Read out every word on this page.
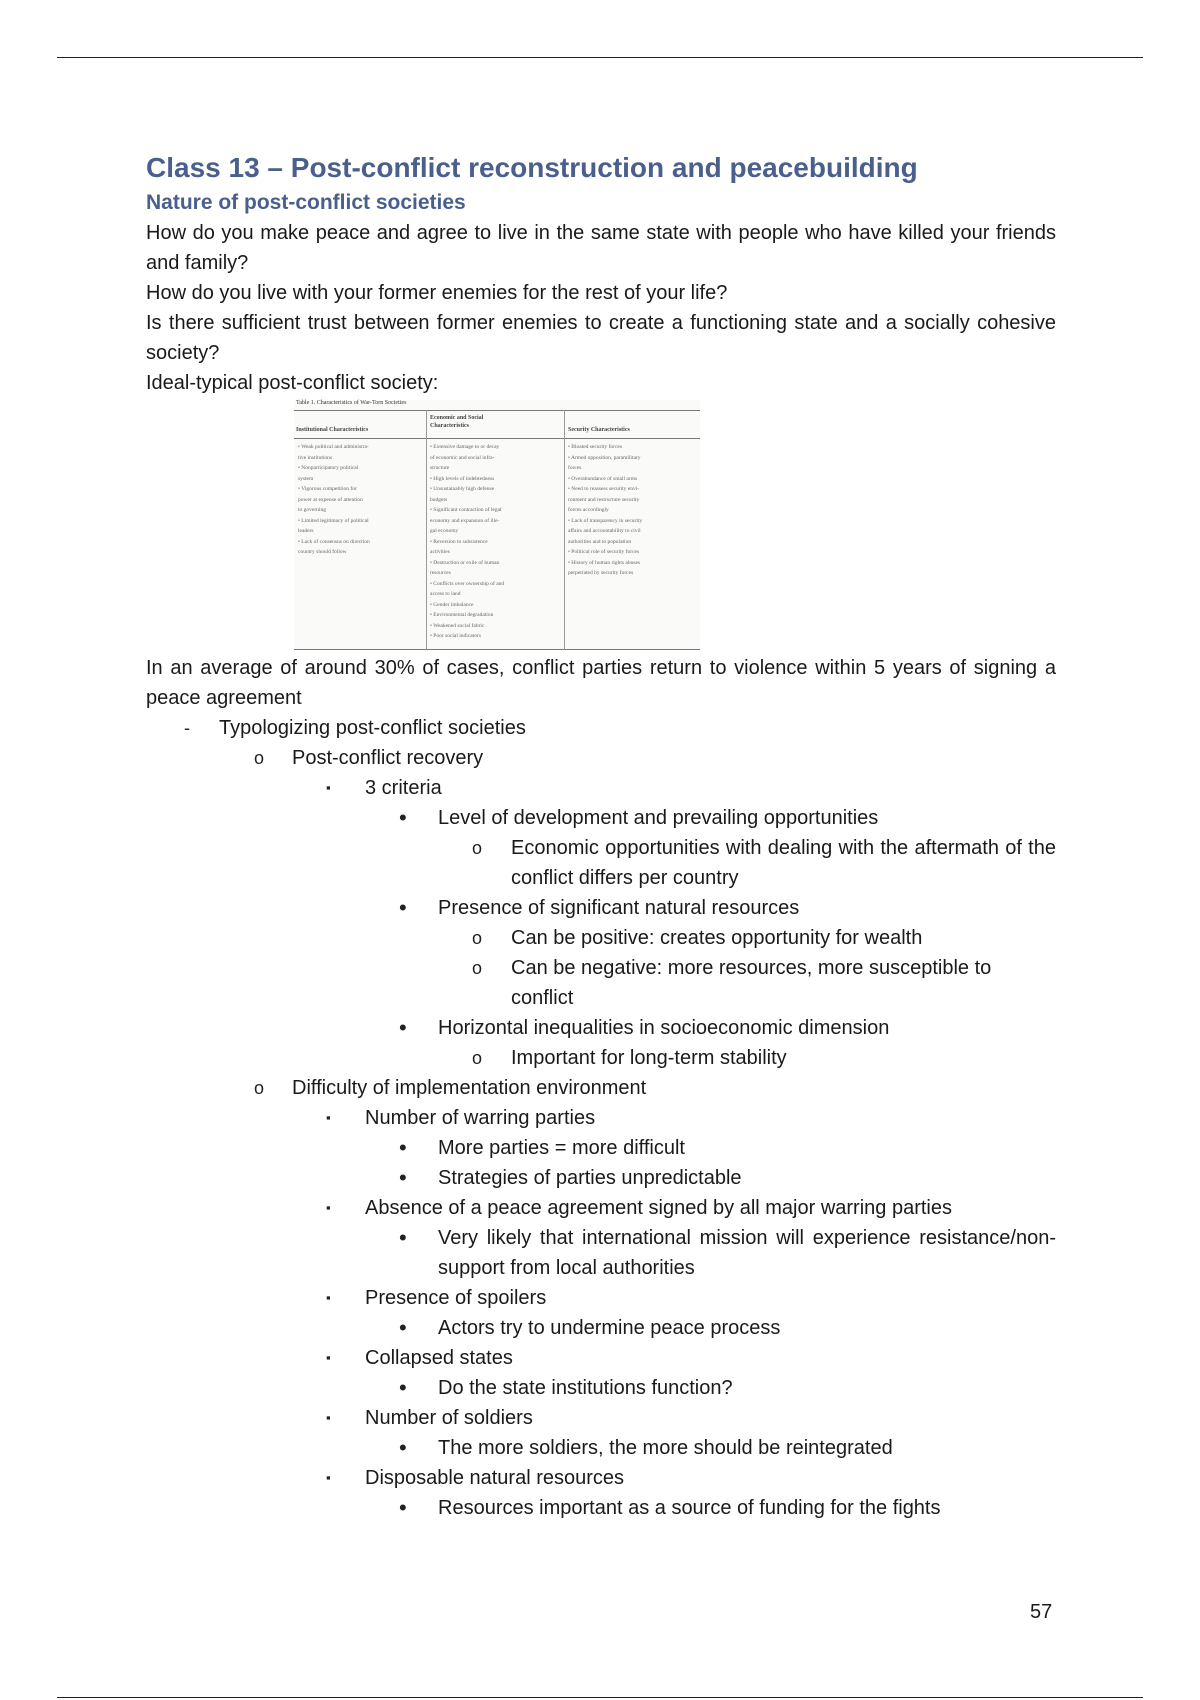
Class 13 – Post-conflict reconstruction and peacebuilding
Nature of post-conflict societies

How do you make peace and agree to live in the same state with people who have killed your friends and family?

How do you live with your former enemies for the rest of your life?

Is there sufficient trust between former enemies to create a functioning state and a socially cohesive society?

Ideal-typical post-conflict society:

Table 1. Characteristics of War-Torn Societies
Institutional Characteristics
Economic and Social Characteristics
Security Characteristics
• Weak political and administra-
tive institutions
• Nonparticipatory political
system
• Vigorous competition for
power at expense of attention
to governing
• Limited legitimacy of political
leaders
• Lack of consensus on direction
country should follow
• Extensive damage to or decay
of economic and social infra-
structure
• High levels of indebtedness
• Unsustainably high defense
budgets
• Significant contraction of legal
economy and expansion of ille-
gal economy
• Reversion to subsistence
activities
• Destruction or exile of human
resources
• Conflicts over ownership of and
access to land
• Gender imbalance
• Environmental degradation
• Weakened social fabric
• Poor social indicators
• Bloated security forces
• Armed opposition, paramilitary
forces
• Overabundance of small arms
• Need to reassess security envi-
ronment and restructure security
forces accordingly
• Lack of transparency in security
affairs and accountability to civil
authorities and to population
• Political role of security forces
• History of human rights abuses
perpetrated by security forces

In an average of around 30% of cases, conflict parties return to violence within 5 years of signing a peace agreement

- Typologizing post-conflict societies
o Post-conflict recovery
▪ 3 criteria
• Level of development and prevailing opportunities
o Economic opportunities with dealing with the aftermath of the conflict differs per country
• Presence of significant natural resources
o Can be positive: creates opportunity for wealth
o Can be negative: more resources, more susceptible to conflict
• Horizontal inequalities in socioeconomic dimension
o Important for long-term stability
o Difficulty of implementation environment
▪ Number of warring parties
• More parties = more difficult
• Strategies of parties unpredictable
▪ Absence of a peace agreement signed by all major warring parties
• Very likely that international mission will experience resistance/non-support from local authorities
▪ Presence of spoilers
• Actors try to undermine peace process
▪ Collapsed states
• Do the state institutions function?
▪ Number of soldiers
• The more soldiers, the more should be reintegrated
▪ Disposable natural resources
• Resources important as a source of funding for the fights
57
